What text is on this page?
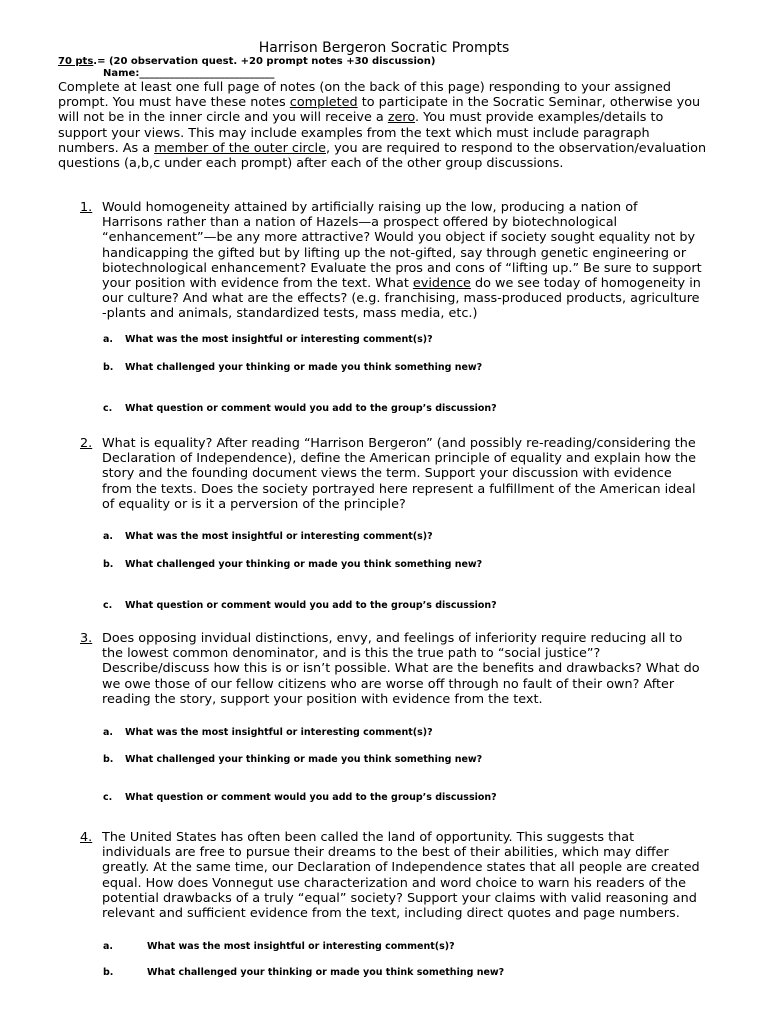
Harrison Bergeron Socratic Prompts
70 pts.= (20 observation quest. +20 prompt notes +30 discussion)
Name:___________________________

Complete at least one full page of notes (on the back of this page) responding to your assigned prompt. You must have these notes completed to participate in the Socratic Seminar, otherwise you will not be in the inner circle and you will receive a zero. You must provide examples/details to support your views. This may include examples from the text which must include paragraph numbers. As a member of the outer circle, you are required to respond to the observation/evaluation questions (a,b,c under each prompt) after each of the other group discussions.

1. Would homogeneity attained by artificially raising up the low, producing a nation of Harrisons rather than a nation of Hazels—a prospect offered by biotechnological “enhancement”—be any more attractive? Would you object if society sought equality not by handicapping the gifted but by lifting up the not-gifted, say through genetic engineering or biotechnological enhancement? Evaluate the pros and cons of “lifting up.” Be sure to support your position with evidence from the text. What evidence do we see today of homogeneity in our culture? And what are the effects? (e.g. franchising, mass-produced products, agriculture -plants and animals, standardized tests, mass media, etc.)

a. What was the most insightful or interesting comment(s)?
b. What challenged your thinking or made you think something new?
c. What question or comment would you add to the group’s discussion?

2. What is equality? After reading “Harrison Bergeron” (and possibly re-reading/considering the Declaration of Independence), define the American principle of equality and explain how the story and the founding document views the term. Support your discussion with evidence from the texts. Does the society portrayed here represent a fulfillment of the American ideal of equality or is it a perversion of the principle?

a. What was the most insightful or interesting comment(s)?
b. What challenged your thinking or made you think something new?
c. What question or comment would you add to the group’s discussion?

3. Does opposing invidual distinctions, envy, and feelings of inferiority require reducing all to the lowest common denominator, and is this the true path to “social justice”? Describe/discuss how this is or isn’t possible. What are the benefits and drawbacks? What do we owe those of our fellow citizens who are worse off through no fault of their own? After reading the story, support your position with evidence from the text.

a. What was the most insightful or interesting comment(s)?
b. What challenged your thinking or made you think something new?
c. What question or comment would you add to the group’s discussion?

4. The United States has often been called the land of opportunity. This suggests that individuals are free to pursue their dreams to the best of their abilities, which may differ greatly. At the same time, our Declaration of Independence states that all people are created equal. How does Vonnegut use characterization and word choice to warn his readers of the potential drawbacks of a truly “equal” society? Support your claims with valid reasoning and relevant and sufficient evidence from the text, including direct quotes and page numbers.

a.	What was the most insightful or interesting comment(s)?
b.	What challenged your thinking or made you think something new?
